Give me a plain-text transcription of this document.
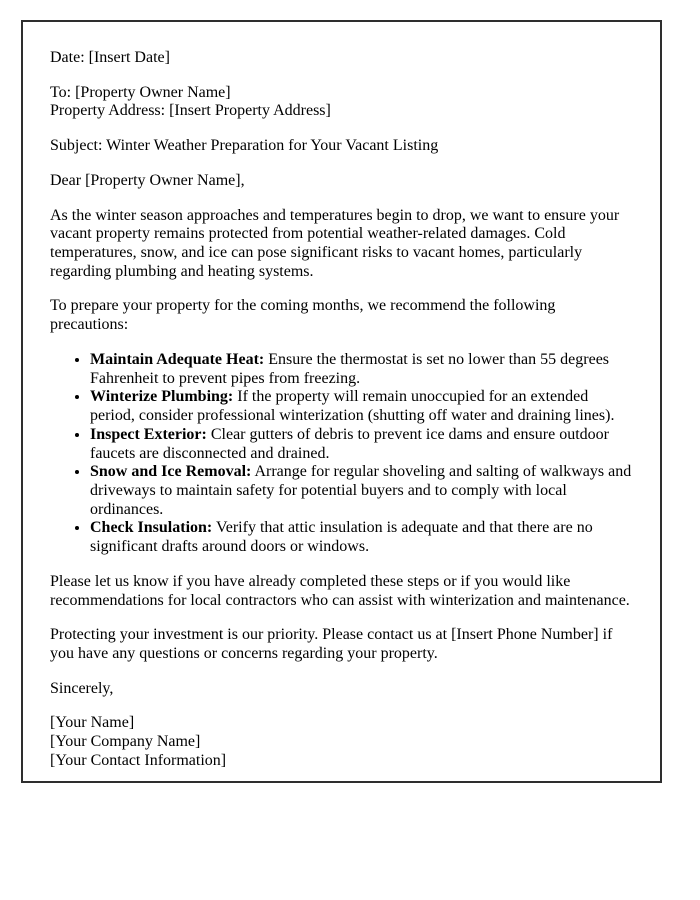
Date: [Insert Date]

To: [Property Owner Name]
Property Address: [Insert Property Address]

Subject: Winter Weather Preparation for Your Vacant Listing

Dear [Property Owner Name],

As the winter season approaches and temperatures begin to drop, we want to ensure your vacant property remains protected from potential weather-related damages. Cold temperatures, snow, and ice can pose significant risks to vacant homes, particularly regarding plumbing and heating systems.

To prepare your property for the coming months, we recommend the following precautions:

• Maintain Adequate Heat: Ensure the thermostat is set no lower than 55 degrees Fahrenheit to prevent pipes from freezing.
• Winterize Plumbing: If the property will remain unoccupied for an extended period, consider professional winterization (shutting off water and draining lines).
• Inspect Exterior: Clear gutters of debris to prevent ice dams and ensure outdoor faucets are disconnected and drained.
• Snow and Ice Removal: Arrange for regular shoveling and salting of walkways and driveways to maintain safety for potential buyers and to comply with local ordinances.
• Check Insulation: Verify that attic insulation is adequate and that there are no significant drafts around doors or windows.

Please let us know if you have already completed these steps or if you would like recommendations for local contractors who can assist with winterization and maintenance.

Protecting your investment is our priority. Please contact us at [Insert Phone Number] if you have any questions or concerns regarding your property.

Sincerely,

[Your Name]
[Your Company Name]
[Your Contact Information]
